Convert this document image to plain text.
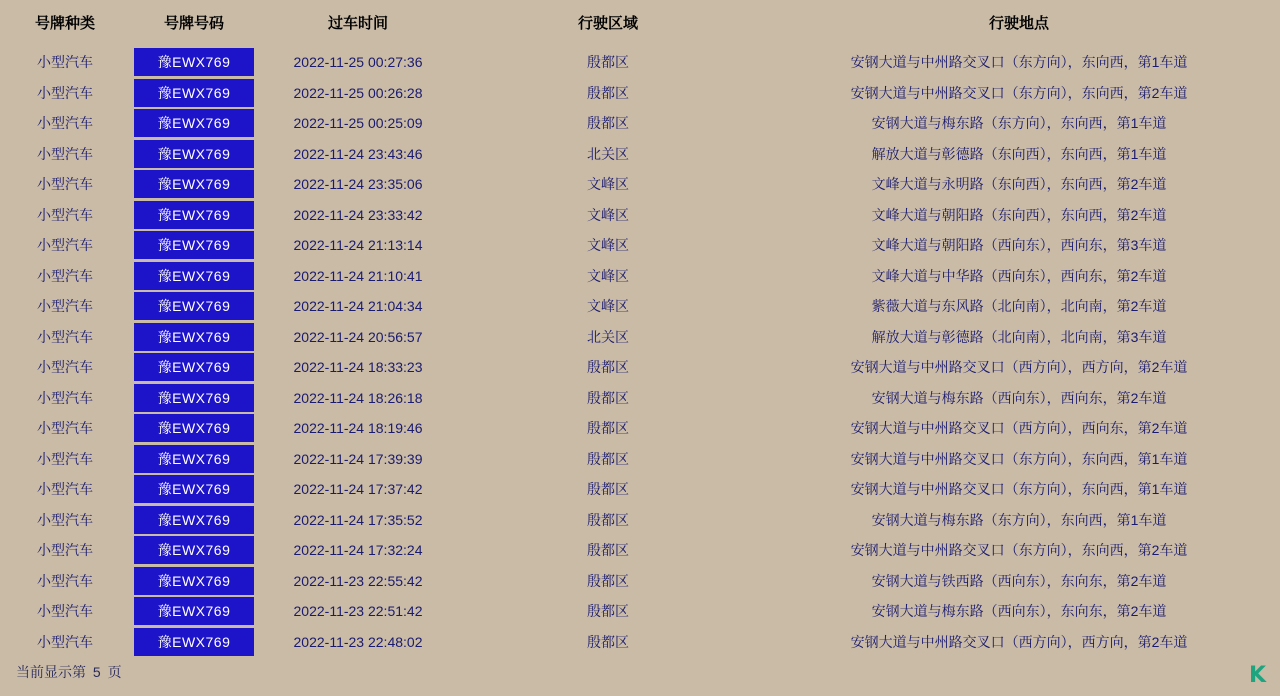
号牌种类	号牌号码	过车时间	行驶区域	行驶地点
小型汽车	豫EWX769	2022-11-25 00:27:36	殷都区	安钢大道与中州路交叉口（东方向），东向西，第1车道
小型汽车	豫EWX769	2022-11-25 00:26:28	殷都区	安钢大道与中州路交叉口（东方向），东向西，第2车道
小型汽车	豫EWX769	2022-11-25 00:25:09	殷都区	安钢大道与梅东路（东方向），东向西，第1车道
小型汽车	豫EWX769	2022-11-24 23:43:46	北关区	解放大道与彰德路（东向西），东向西，第1车道
小型汽车	豫EWX769	2022-11-24 23:35:06	文峰区	文峰大道与永明路（东向西），东向西，第2车道
小型汽车	豫EWX769	2022-11-24 23:33:42	文峰区	文峰大道与朝阳路（东向西），东向西，第2车道
小型汽车	豫EWX769	2022-11-24 21:13:14	文峰区	文峰大道与朝阳路（西向东），西向东，第3车道
小型汽车	豫EWX769	2022-11-24 21:10:41	文峰区	文峰大道与中华路（西向东），西向东，第2车道
小型汽车	豫EWX769	2022-11-24 21:04:34	文峰区	紫薇大道与东风路（北向南），北向南，第2车道
小型汽车	豫EWX769	2022-11-24 20:56:57	北关区	解放大道与彰德路（北向南），北向南，第3车道
小型汽车	豫EWX769	2022-11-24 18:33:23	殷都区	安钢大道与中州路交叉口（西方向），西方向，第2车道
小型汽车	豫EWX769	2022-11-24 18:26:18	殷都区	安钢大道与梅东路（西向东），西向东，第2车道
小型汽车	豫EWX769	2022-11-24 18:19:46	殷都区	安钢大道与中州路交叉口（西方向），西向东，第2车道
小型汽车	豫EWX769	2022-11-24 17:39:39	殷都区	安钢大道与中州路交叉口（东方向），东向西，第1车道
小型汽车	豫EWX769	2022-11-24 17:37:42	殷都区	安钢大道与中州路交叉口（东方向），东向西，第1车道
小型汽车	豫EWX769	2022-11-24 17:35:52	殷都区	安钢大道与梅东路（东方向），东向西，第1车道
小型汽车	豫EWX769	2022-11-24 17:32:24	殷都区	安钢大道与中州路交叉口（东方向），东向西，第2车道
小型汽车	豫EWX769	2022-11-23 22:55:42	殷都区	安钢大道与铁西路（西向东），东向东，第2车道
小型汽车	豫EWX769	2022-11-23 22:51:42	殷都区	安钢大道与梅东路（西向东），东向东，第2车道
小型汽车	豫EWX769	2022-11-23 22:48:02	殷都区	安钢大道与中州路交叉口（西方向），西方向，第2车道
当前显示第 5 页	K
